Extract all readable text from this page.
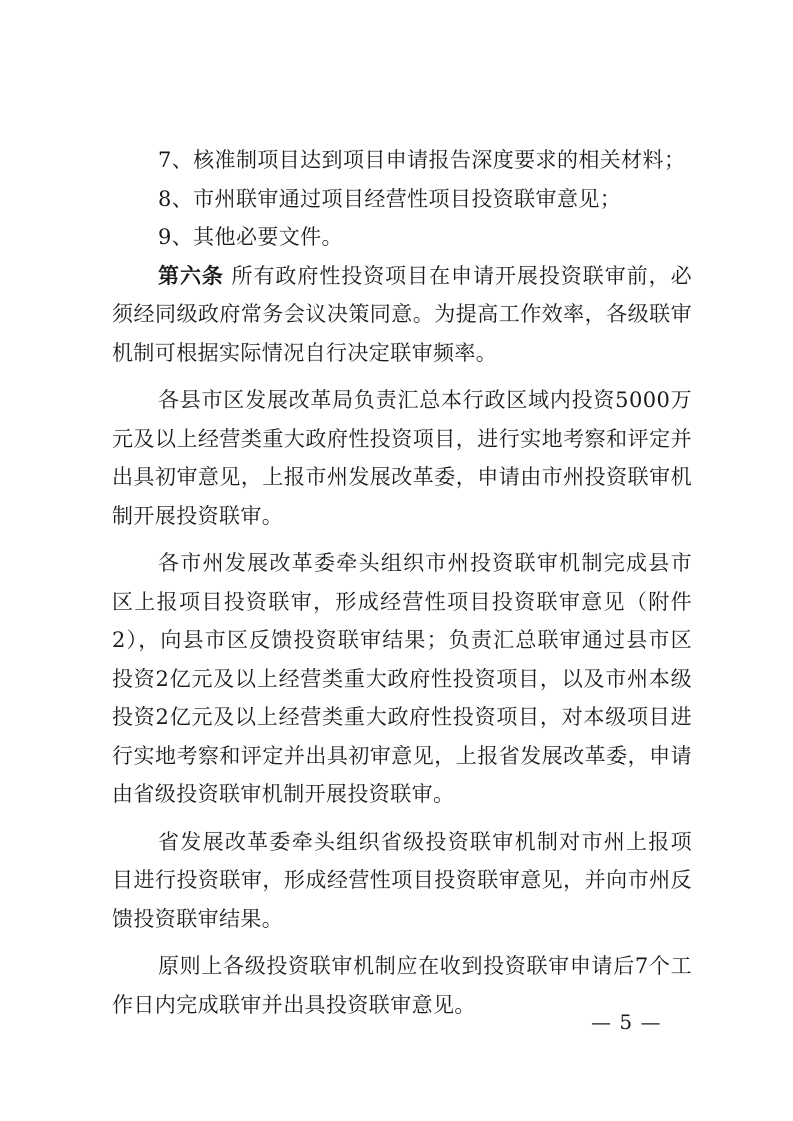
7、核准制项目达到项目申请报告深度要求的相关材料；

8、市州联审通过项目经营性项目投资联审意见；

9、其他必要文件。

第六条 所有政府性投资项目在申请开展投资联审前，必须经同级政府常务会议决策同意。为提高工作效率，各级联审机制可根据实际情况自行决定联审频率。

各县市区发展改革局负责汇总本行政区域内投资5000万元及以上经营类重大政府性投资项目，进行实地考察和评定并出具初审意见，上报市州发展改革委，申请由市州投资联审机制开展投资联审。

各市州发展改革委牵头组织市州投资联审机制完成县市区上报项目投资联审，形成经营性项目投资联审意见（附件2），向县市区反馈投资联审结果；负责汇总联审通过县市区投资2亿元及以上经营类重大政府性投资项目，以及市州本级投资2亿元及以上经营类重大政府性投资项目，对本级项目进行实地考察和评定并出具初审意见，上报省发展改革委，申请由省级投资联审机制开展投资联审。

省发展改革委牵头组织省级投资联审机制对市州上报项目进行投资联审，形成经营性项目投资联审意见，并向市州反馈投资联审结果。

原则上各级投资联审机制应在收到投资联审申请后7个工作日内完成联审并出具投资联审意见。

— 5 —
